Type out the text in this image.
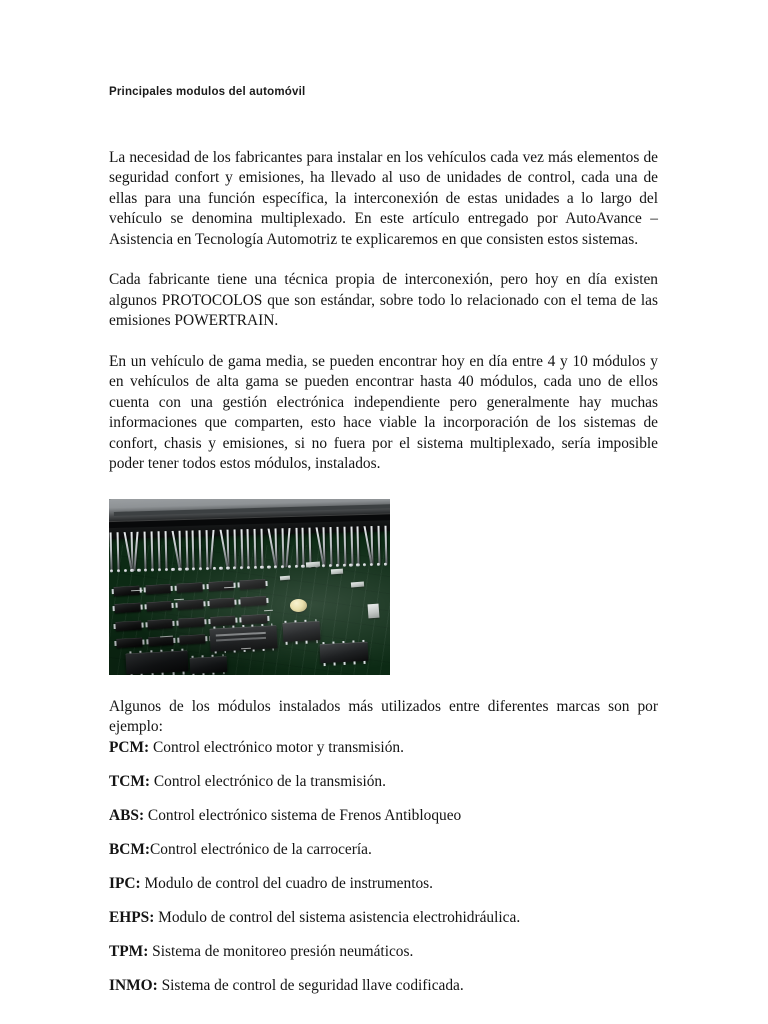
Principales modulos del automóvil

La necesidad de los fabricantes para instalar en los vehículos cada vez más elementos de seguridad confort y emisiones, ha llevado al uso de unidades de control, cada una de ellas para una función específica, la interconexión de estas unidades a lo largo del vehículo se denomina multiplexado. En este artículo entregado por AutoAvance – Asistencia en Tecnología Automotriz te explicaremos en que consisten estos sistemas.

Cada fabricante tiene una técnica propia de interconexión, pero hoy en día existen algunos PROTOCOLOS que son estándar, sobre todo lo relacionado con el tema de las emisiones POWERTRAIN.

En un vehículo de gama media, se pueden encontrar hoy en día entre 4 y 10 módulos y en vehículos de alta gama se pueden encontrar hasta 40 módulos, cada uno de ellos cuenta con una gestión electrónica independiente pero generalmente hay muchas informaciones que comparten, esto hace viable la incorporación de los sistemas de confort, chasis y emisiones, si no fuera por el sistema multiplexado, sería imposible poder tener todos estos módulos, instalados.

Algunos de los módulos instalados más utilizados entre diferentes marcas son por ejemplo:

PCM: Control electrónico motor y transmisión.

TCM: Control electrónico de la transmisión.

ABS: Control electrónico sistema de Frenos Antibloqueo

BCM:Control electrónico de la carrocería.

IPC: Modulo de control del cuadro de instrumentos.

EHPS: Modulo de control del sistema asistencia electrohidráulica.

TPM: Sistema de monitoreo presión neumáticos.

INMO: Sistema de control de seguridad llave codificada.
